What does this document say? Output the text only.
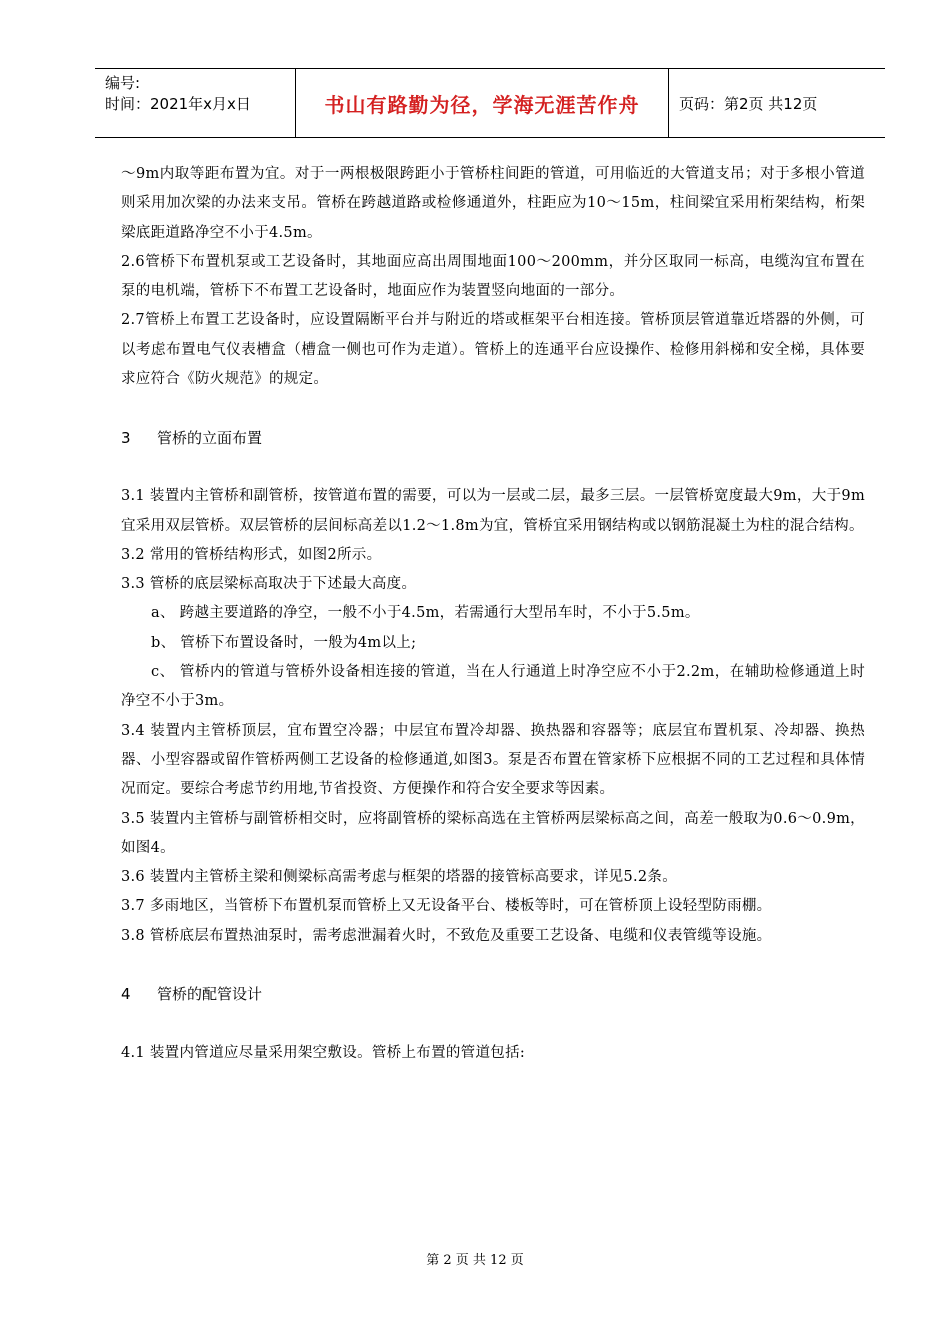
编号:
时间：2021年x月x日	书山有路勤为径，学海无涯苦作舟	页码：第2页 共12页

～9m内取等距布置为宜。对于一两根极限跨距小于管桥柱间距的管道，可用临近的大管道支吊；对于多根小管道则采用加次梁的办法来支吊。管桥在跨越道路或检修通道外，柱距应为10～15m，柱间梁宜采用桁架结构，桁架梁底距道路净空不小于4.5m。

2.6管桥下布置机泵或工艺设备时，其地面应高出周围地面100～200mm，并分区取同一标高，电缆沟宜布置在泵的电机端，管桥下不布置工艺设备时，地面应作为装置竖向地面的一部分。

2.7管桥上布置工艺设备时，应设置隔断平台并与附近的塔或框架平台相连接。管桥顶层管道靠近塔器的外侧，可以考虑布置电气仪表槽盒（槽盒一侧也可作为走道）。管桥上的连通平台应设操作、检修用斜梯和安全梯，具体要求应符合《防火规范》的规定。

3 管桥的立面布置

3.1 装置内主管桥和副管桥，按管道布置的需要，可以为一层或二层，最多三层。一层管桥宽度最大9m，大于9m宜采用双层管桥。双层管桥的层间标高差以1.2～1.8m为宜，管桥宜采用钢结构或以钢筋混凝土为柱的混合结构。

3.2 常用的管桥结构形式，如图2所示。

3.3 管桥的底层梁标高取决于下述最大高度。

a、 跨越主要道路的净空，一般不小于4.5m，若需通行大型吊车时，不小于5.5m。

b、 管桥下布置设备时，一般为4m以上;

c、 管桥内的管道与管桥外设备相连接的管道，当在人行通道上时净空应不小于2.2m，在辅助检修通道上时净空不小于3m。

3.4 装置内主管桥顶层，宜布置空冷器；中层宜布置冷却器、换热器和容器等；底层宜布置机泵、冷却器、换热器、小型容器或留作管桥两侧工艺设备的检修通道,如图3。泵是否布置在管家桥下应根据不同的工艺过程和具体情况而定。要综合考虑节约用地,节省投资、方便操作和符合安全要求等因素。

3.5 装置内主管桥与副管桥相交时，应将副管桥的梁标高选在主管桥两层梁标高之间，高差一般取为0.6～0.9m，如图4。

3.6 装置内主管桥主梁和侧梁标高需考虑与框架的塔器的接管标高要求，详见5.2条。

3.7 多雨地区，当管桥下布置机泵而管桥上又无设备平台、楼板等时，可在管桥顶上设轻型防雨棚。

3.8 管桥底层布置热油泵时，需考虑泄漏着火时，不致危及重要工艺设备、电缆和仪表管缆等设施。

4 管桥的配管设计

4.1 装置内管道应尽量采用架空敷设。管桥上布置的管道包括:

第 2 页 共 12 页
